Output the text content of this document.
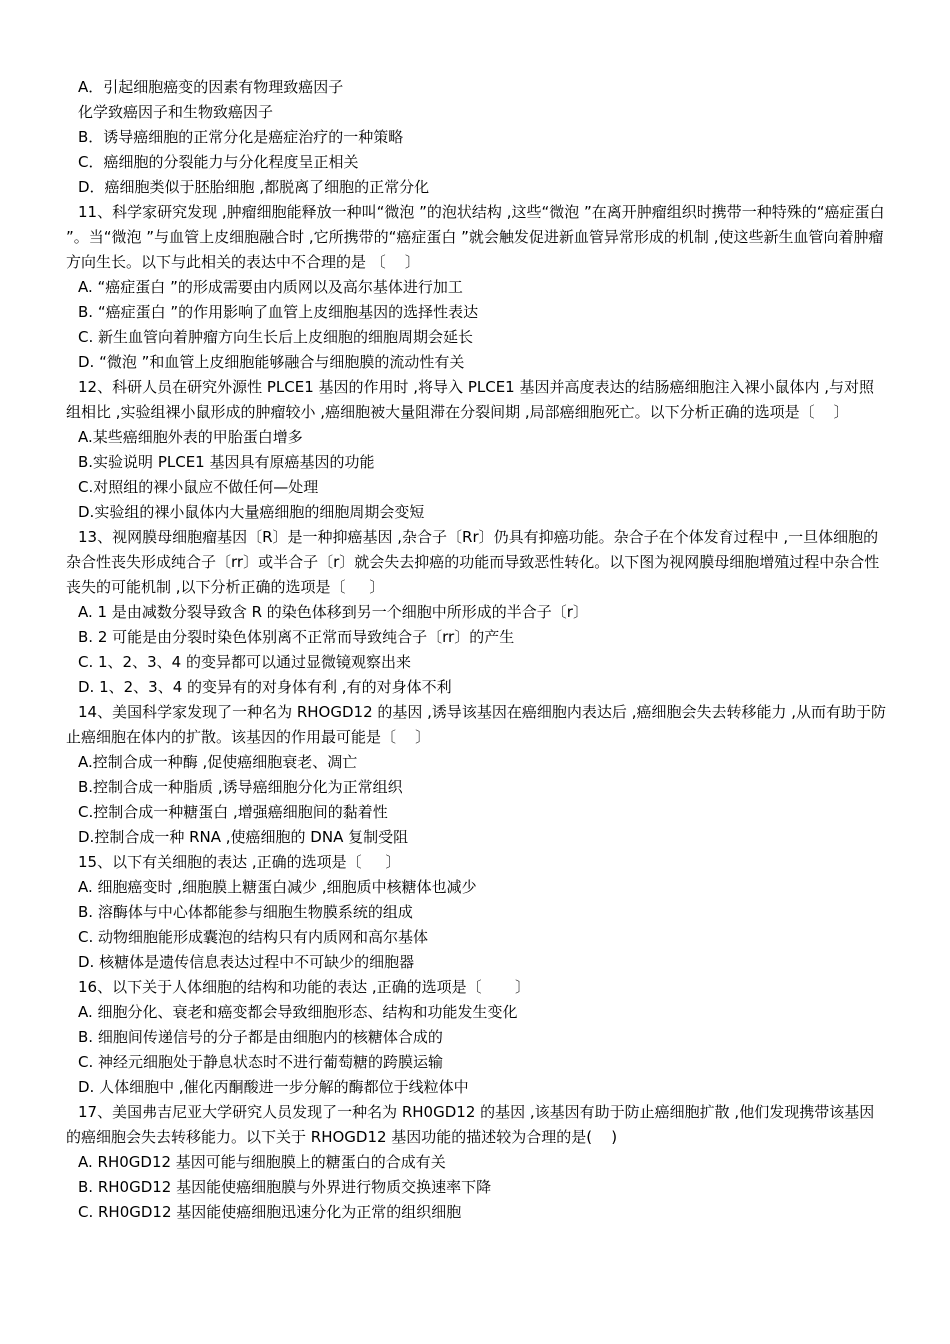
A．引起细胞癌变的因素有物理致癌因子

化学致癌因子和生物致癌因子

B．诱导癌细胞的正常分化是癌症治疗的一种策略

C．癌细胞的分裂能力与分化程度呈正相关

D．癌细胞类似于胚胎细胞 ,都脱离了细胞的正常分化

11、科学家研究发现 ,肿瘤细胞能释放一种叫“微泡 ”的泡状结构 ,这些“微泡 ”在离开肿瘤组织时携带一种特殊的“癌症蛋白 ”。当“微泡 ”与血管上皮细胞融合时 ,它所携带的“癌症蛋白 ”就会触发促进新血管异常形成的机制 ,使这些新生血管向着肿瘤方向生长。以下与此相关的表达中不合理的是 〔    〕

A. “癌症蛋白 ”的形成需要由内质网以及高尔基体进行加工

B. “癌症蛋白 ”的作用影响了血管上皮细胞基因的选择性表达

C. 新生血管向着肿瘤方向生长后上皮细胞的细胞周期会延长

D. “微泡 ”和血管上皮细胞能够融合与细胞膜的流动性有关

12、科研人员在研究外源性 PLCE1 基因的作用时 ,将导入 PLCE1 基因并高度表达的结肠癌细胞注入裸小鼠体内 ,与对照组相比 ,实验组裸小鼠形成的肿瘤较小 ,癌细胞被大量阻滞在分裂间期 ,局部癌细胞死亡。以下分析正确的选项是〔    〕

A.某些癌细胞外表的甲胎蛋白增多

B.实验说明 PLCE1 基因具有原癌基因的功能

C.对照组的裸小鼠应不做任何—处理

D.实验组的裸小鼠体内大量癌细胞的细胞周期会变短

13、视网膜母细胞瘤基因〔R〕是一种抑癌基因 ,杂合子〔Rr〕仍具有抑癌功能。杂合子在个体发育过程中 ,一旦体细胞的杂合性丧失形成纯合子〔rr〕或半合子〔r〕就会失去抑癌的功能而导致恶性转化。以下图为视网膜母细胞增殖过程中杂合性丧失的可能机制 ,以下分析正确的选项是〔     〕

A. 1 是由减数分裂导致含 R 的染色体移到另一个细胞中所形成的半合子〔r〕

B. 2 可能是由分裂时染色体别离不正常而导致纯合子〔rr〕的产生

C. 1、2、3、4 的变异都可以通过显微镜观察出来

D. 1、2、3、4 的变异有的对身体有利 ,有的对身体不利

14、美国科学家发现了一种名为 RHOGD12 的基因 ,诱导该基因在癌细胞内表达后 ,癌细胞会失去转移能力 ,从而有助于防止癌细胞在体内的扩散。该基因的作用最可能是〔    〕

A.控制合成一种酶 ,促使癌细胞衰老、凋亡

B.控制合成一种脂质 ,诱导癌细胞分化为正常组织

C.控制合成一种糖蛋白 ,增强癌细胞间的黏着性

D.控制合成一种 RNA ,使癌细胞的 DNA 复制受阻

15、以下有关细胞的表达 ,正确的选项是〔     〕

A. 细胞癌变时 ,细胞膜上糖蛋白减少 ,细胞质中核糖体也减少

B. 溶酶体与中心体都能参与细胞生物膜系统的组成

C. 动物细胞能形成囊泡的结构只有内质网和高尔基体

D. 核糖体是遗传信息表达过程中不可缺少的细胞器

16、以下关于人体细胞的结构和功能的表达 ,正确的选项是〔       〕

A. 细胞分化、衰老和癌变都会导致细胞形态、结构和功能发生变化

B. 细胞间传递信号的分子都是由细胞内的核糖体合成的

C. 神经元细胞处于静息状态时不进行葡萄糖的跨膜运输

D. 人体细胞中 ,催化丙酮酸进一步分解的酶都位于线粒体中

17、美国弗吉尼亚大学研究人员发现了一种名为 RH0GD12 的基因 ,该基因有助于防止癌细胞扩散 ,他们发现携带该基因的癌细胞会失去转移能力。以下关于 RHOGD12 基因功能的描述较为合理的是(    )

A. RH0GD12 基因可能与细胞膜上的糖蛋白的合成有关

B. RH0GD12 基因能使癌细胞膜与外界进行物质交换速率下降

C. RH0GD12 基因能使癌细胞迅速分化为正常的组织细胞
